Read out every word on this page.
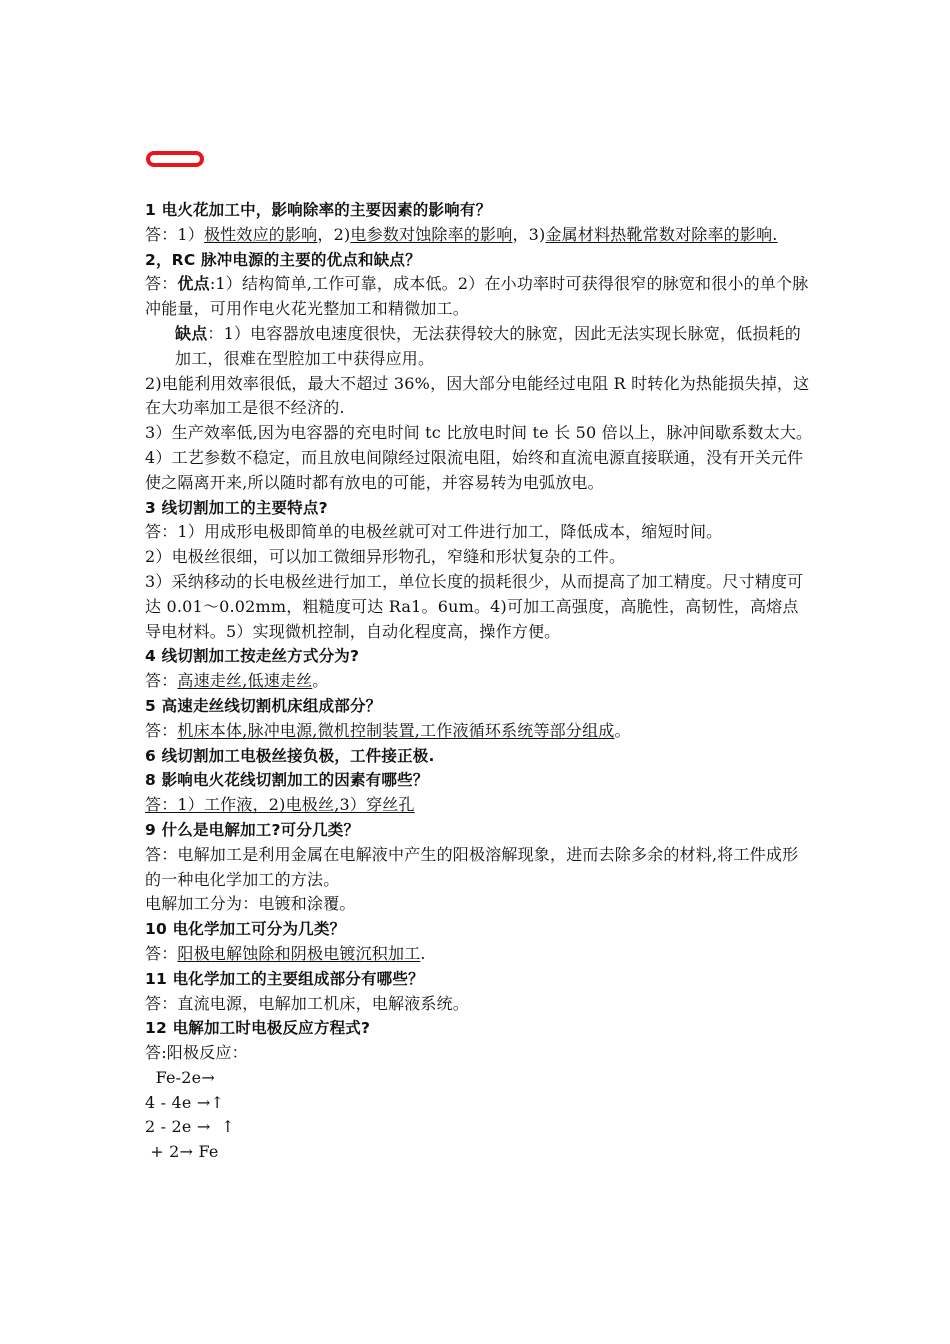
1 电火花加工中，影响除率的主要因素的影响有？

答：1）极性效应的影响，2)电参数对蚀除率的影响，3)金属材料热靴常数对除率的影响.

2，RC 脉冲电源的主要的优点和缺点？

答：优点:1）结构简单,工作可靠，成本低。2）在小功率时可获得很窄的脉宽和很小的单个脉冲能量，可用作电火花光整加工和精微加工。

缺点：1）电容器放电速度很快，无法获得较大的脉宽，因此无法实现长脉宽，低损耗的加工，很难在型腔加工中获得应用。

2)电能利用效率很低，最大不超过 36%，因大部分电能经过电阻 R 时转化为热能损失掉，这在大功率加工是很不经济的.

3）生产效率低,因为电容器的充电时间 tc 比放电时间 te 长 50 倍以上，脉冲间歇系数太大。4）工艺参数不稳定，而且放电间隙经过限流电阻，始终和直流电源直接联通，没有开关元件使之隔离开来,所以随时都有放电的可能，并容易转为电弧放电。

3 线切割加工的主要特点?

答：1）用成形电极即简单的电极丝就可对工件进行加工，降低成本，缩短时间。

2）电极丝很细，可以加工微细异形物孔，窄缝和形状复杂的工件。

3）采纳移动的长电极丝进行加工，单位长度的损耗很少，从而提高了加工精度。尺寸精度可达 0.01～0.02mm，粗糙度可达 Ra1。6um。4)可加工高强度，高脆性，高韧性，高熔点导电材料。5）实现微机控制，自动化程度高，操作方便。

4 线切割加工按走丝方式分为?

答：高速走丝,低速走丝。

5 高速走丝线切割机床组成部分？

答：机床本体,脉冲电源,微机控制装置,工作液循环系统等部分组成。

6 线切割加工电极丝接负极，工件接正极.
8 影响电火花线切割加工的因素有哪些？

答：1）工作液，2)电极丝,3）穿丝孔

9 什么是电解加工?可分几类？

答：电解加工是利用金属在电解液中产生的阳极溶解现象，进而去除多余的材料,将工件成形的一种电化学加工的方法。

电解加工分为：电镀和涂覆。

10 电化学加工可分为几类？

答：阳极电解蚀除和阴极电镀沉积加工.

11 电化学加工的主要组成部分有哪些？

答：直流电源，电解加工机床，电解液系统。

12 电解加工时电极反应方程式?

答:阳极反应：

Fe-2e→

4 - 4e →↑

2 - 2e →  ↑

+ 2→ Fe
